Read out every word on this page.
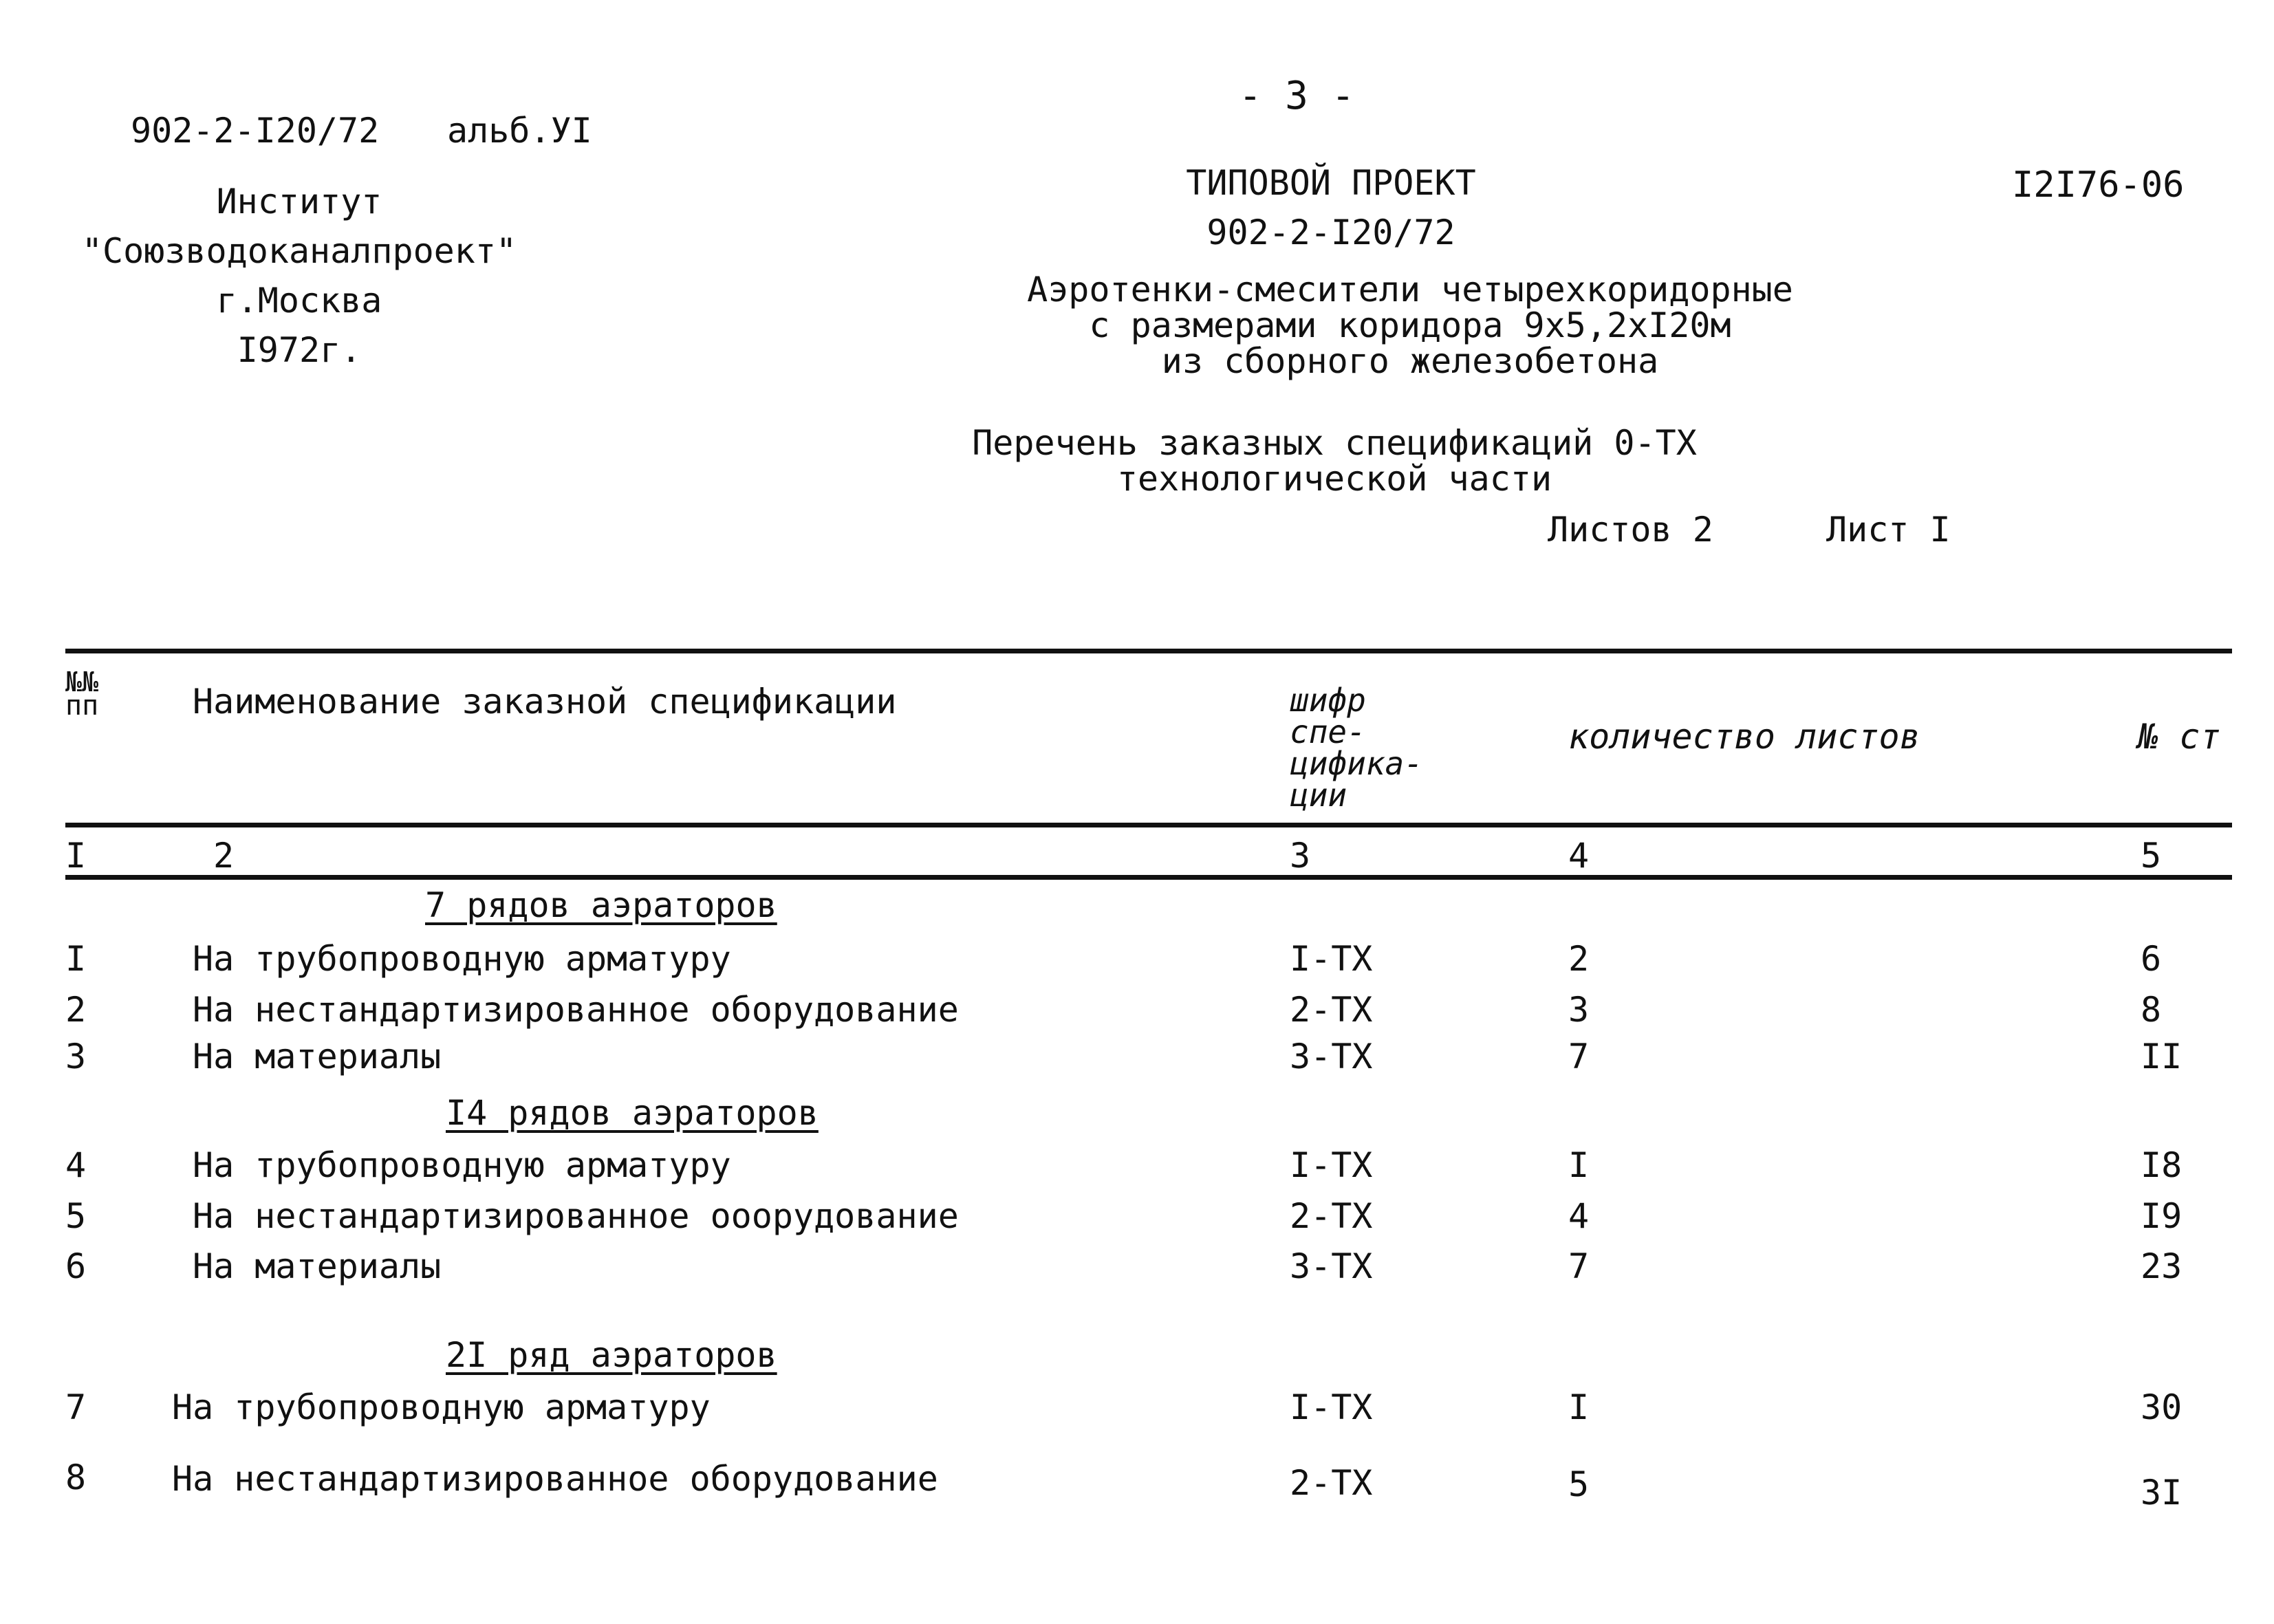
902-2-I20/72 альб.УI
Институт
"Союзводоканалпроект"
г.Москва
I972г.
- 3 -
ТИПОВОЙ ПРОЕКТ
902-2-I20/72
Аэротенки-смесители четырехкоридорные
с размерами коридора 9х5,2хI20м
из сборного железобетона
Перечень заказных спецификаций 0-ТХ
технологической части
Листов 2	Лист I
I2I76-06
№№ пп	Наименование заказной спецификации	шифр
спе-
цифика-
ции
количество листов	№ ст
I	2	3	4	5
7 рядов аэраторов
I	На трубопроводную арматуру	I-ТХ	2	6
2	На нестандартизированное оборудование	2-ТХ	3	8
3	На материалы	3-ТХ	7	II
I4 рядов аэраторов
4	На трубопроводную арматуру	I-ТХ	I	I8
5	На нестандартизированное ооорудование	2-ТХ	4	I9
6	На материалы	3-ТХ	7	23
2I ряд аэраторов
7 На трубопроводную арматуру	I-ТХ	I	30
8 На нестандартизированное оборудование	2-ТХ	5	3I
